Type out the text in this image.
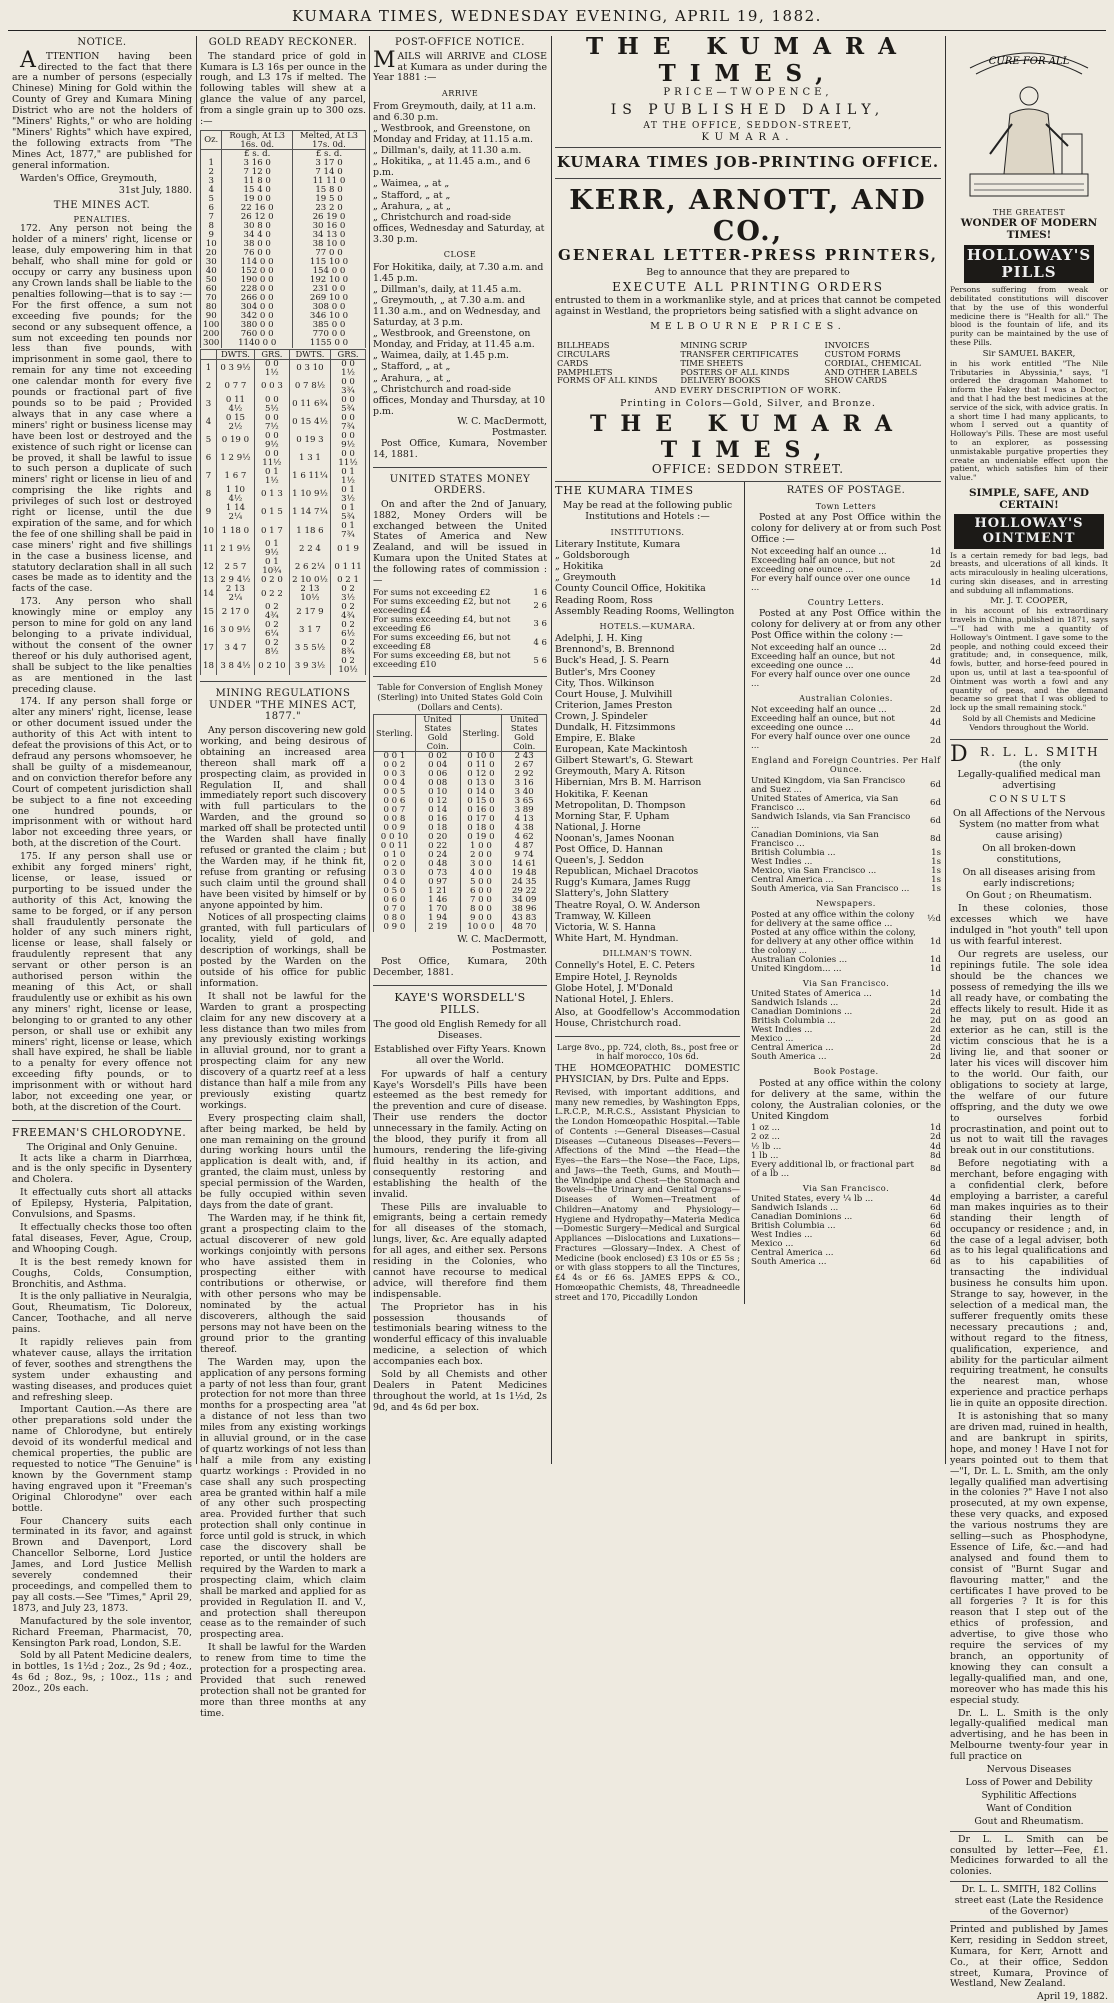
KUMARA TIMES, WEDNESDAY EVENING, APRIL 19, 1882.
NOTICE.

ATTENTION having been directed to the fact that there are a number of persons (especially Chinese) Mining for Gold within the County of Grey and Kumara Mining District who are not the holders of "Miners' Rights," or who are holding "Miners' Rights" which have expired, the following extracts from "The Mines Act, 1877," are published for general information.

Warden's Office, Greymouth,

31st July, 1880.

THE MINES ACT.
PENALTIES.

172. Any person not being the holder of a miners' right, license or lease, duly empowering him in that behalf, who shall mine for gold or occupy or carry any business upon any Crown lands shall be liable to the penalties following—that is to say :—For the first offence, a sum not exceeding five pounds; for the second or any subsequent offence, a sum not exceeding ten pounds nor less than five pounds, with imprisonment in some gaol, there to remain for any time not exceeding one calendar month for every five pounds or fractional part of five pounds so to be paid ; Provided always that in any case where a miners' right or business license may have been lost or destroyed and the existence of such right or license can be proved, it shall be lawful to issue to such person a duplicate of such miners' right or license in lieu of and comprising the like rights and privileges of such lost or destroyed right or license, until the due expiration of the same, and for which the fee of one shilling shall be paid in case miners' right and five shillings in the case a business license, and statutory declaration shall in all such cases be made as to identity and the facts of the case.

173. Any person who shall knowingly mine or employ any person to mine for gold on any land belonging to a private individual, without the consent of the owner thereof or his duly authorised agent, shall be subject to the like penalties as are mentioned in the last preceding clause.

174. If any person shall forge or alter any miners' right, license, lease or other document issued under the authority of this Act with intent to defeat the provisions of this Act, or to defraud any persons whomsoever, he shall be guilty of a misdemeanour, and on conviction therefor before any Court of competent jurisdiction shall be subject to a fine not exceeding one hundred pounds, or imprisonment with or without hard labor not exceeding three years, or both, at the discretion of the Court.

175. If any person shall use or exhibit any forged miners' right, license, or lease, issued or purporting to be issued under the authority of this Act, knowing the same to be forged, or if any person shall fraudulently personate the holder of any such miners right, license or lease, shall falsely or fraudulently represent that any servant or other person is an authorised person within the meaning of this Act, or shall fraudulently use or exhibit as his own any miners' right, license or lease, belonging to or granted to any other person, or shall use or exhibit any miners' right, license or lease, which shall have expired, he shall be liable to a penalty for every offence not exceeding fifty pounds, or to imprisonment with or without hard labor, not exceeding one year, or both, at the discretion of the Court.

FREEMAN'S CHLORODYNE.
The Original and Only Genuine.

It acts like a charm in Diarrhœa, and is the only specific in Dysentery and Cholera.

It effectually cuts short all attacks of Epilepsy, Hysteria, Palpitation, Convulsions, and Spasms.

It effectually checks those too often fatal diseases, Fever, Ague, Croup, and Whooping Cough.

It is the best remedy known for Coughs, Colds, Consumption, Bronchitis, and Asthma.

It is the only palliative in Neuralgia, Gout, Rheumatism, Tic Doloreux, Cancer, Toothache, and all nerve pains.

It rapidly relieves pain from whatever cause, allays the irritation of fever, soothes and strengthens the system under exhausting and wasting diseases, and produces quiet and refreshing sleep.

Important Caution.—As there are other preparations sold under the name of Chlorodyne, but entirely devoid of its wonderful medical and chemical properties, the public are requested to notice "The Genuine" is known by the Government stamp having engraved upon it "Freeman's Original Chlorodyne" over each bottle.

Four Chancery suits each terminated in its favor, and against Brown and Davenport, Lord Chancellor Selborne, Lord Justice James, and Lord Justice Mellish severely condemned their proceedings, and compelled them to pay all costs.—See "Times," April 29, 1873, and July 23, 1873.

Manufactured by the sole inventor, Richard Freeman, Pharmacist, 70, Kensington Park road, London, S.E.

Sold by all Patent Medicine dealers, in bottles, 1s 1½d ; 2oz., 2s 9d ; 4oz., 4s 6d ; 8oz., 9s, ; 10oz., 11s ; and 20oz., 20s each.

GOLD READY RECKONER.

The standard price of gold in Kumara is L3 16s per ounce in the rough, and L3 17s if melted. The following tables will shew at a glance the value of any parcel, from a single grain up to 300 ozs. :—

Oz.	Rough, At L3 16s. 0d.	Melted, At L3 17s. 0d.
	£ s. d.	£ s. d.
1	3 16 0	3 17 0
2	7 12 0	7 14 0
3	11 8 0	11 11 0
4	15 4 0	15 8 0
5	19 0 0	19 5 0
6	22 16 0	23 2 0
7	26 12 0	26 19 0
8	30 8 0	30 16 0
9	34 4 0	34 13 0
10	38 0 0	38 10 0
20	76 0 0	77 0 0
30	114 0 0	115 10 0
40	152 0 0	154 0 0
50	190 0 0	192 10 0
60	228 0 0	231 0 0
70	266 0 0	269 10 0
80	304 0 0	308 0 0
90	342 0 0	346 10 0
100	380 0 0	385 0 0
200	760 0 0	770 0 0
300	1140 0 0	1155 0 0
	DWTS.	GRS.	DWTS.	GRS.
1	0 3 9½	0 0 1½	0 3 10	0 0 1½
2	0 7 7	0 0 3	0 7 8½	0 0 3¾
3	0 11 4½	0 0 5½	0 11 6¾	0 0 5¾
4	0 15 2½	0 0 7½	0 15 4½	0 0 7¾
5	0 19 0	0 0 9½	0 19 3	0 0 9½
6	1 2 9½	0 0 11½	1 3 1	0 0 11½
7	1 6 7	0 1 1½	1 6 11¼	0 1 1½
8	1 10 4½	0 1 3	1 10 9½	0 1 3½
9	1 14 2¼	0 1 5	1 14 7¼	0 1 5¾
10	1 18 0	0 1 7	1 18 6	0 1 7¾
11	2 1 9½	0 1 9½	2 2 4	0 1 9
12	2 5 7	0 1 10¾	2 6 2¼	0 1 11
13	2 9 4½	0 2 0	2 10 0½	0 2 1
14	2 13 2¼	0 2 2	2 13 10½	0 2 3½
15	2 17 0	0 2 4¾	2 17 9	0 2 4¾
16	3 0 9½	0 2 6¼	3 1 7	0 2 6½
17	3 4 7	0 2 8½	3 5 5½	0 2 8¾
18	3 8 4½	0 2 10	3 9 3½	0 2 10½
MINING REGULATIONS UNDER "THE MINES ACT, 1877."

Any person discovering new gold working, and being desirous of obtaining an increased area thereon shall mark off a prospecting claim, as provided in Regulation II, and shall immediately report such discovery with full particulars to the Warden, and the ground so marked off shall be protected until the Warden shall have finally refused or granted the claim ; but the Warden may, if he think fit, refuse from granting or refusing such claim until the ground shall have been visited by himself or by anyone appointed by him.

Notices of all prospecting claims granted, with full particulars of locality, yield of gold, and description of workings, shall be posted by the Warden on the outside of his office for public information.

It shall not be lawful for the Warden to grant a prospecting claim for any new discovery at a less distance than two miles from any previously existing workings in alluvial ground, nor to grant a prospecting claim for any new discovery of a quartz reef at a less distance than half a mile from any previously existing quartz workings.

Every prospecting claim shall, after being marked, be held by one man remaining on the ground during working hours until the application is dealt with, and, if granted, the claim must, unless by special permission of the Warden, be fully occupied within seven days from the date of grant.

The Warden may, if he think fit, grant a prospecting claim to the actual discoverer of new gold workings conjointly with persons who have assisted them in prospecting either with contributions or otherwise, or with other persons who may be nominated by the actual discoverers, although the said persons may not have been on the ground prior to the granting thereof.

The Warden may, upon the application of any persons forming a party of not less than four, grant protection for not more than three months for a prospecting area "at a distance of not less than two miles from any existing workings in alluvial ground, or in the case of quartz workings of not less than half a mile from any existing quartz workings : Provided in no case shall any such prospecting area be granted within half a mile of any other such prospecting area. Provided further that such protection shall only continue in force until gold is struck, in which case the discovery shall be reported, or until the holders are required by the Warden to mark a prospecting claim, which claim shall be marked and applied for as provided in Regulation II. and V., and protection shall thereupon cease as to the remainder of such prospecting area.

It shall be lawful for the Warden to renew from time to time the protection for a prospecting area. Provided that such renewed protection shall not be granted for more than three months at any time.

POST-OFFICE NOTICE.

MAILS will ARRIVE and CLOSE at Kumara as under during the Year 1881 :—

ARRIVE
From Greymouth, daily, at 11 a.m. and 6.30 p.m.
„ Westbrook, and Greenstone, on Monday and Friday, at 11.15 a.m.
„ Dillman's, daily, at 11.30 a.m.
„ Hokitika, „ at 11.45 a.m., and 6 p.m.
„ Waimea, „ at „
„ Stafford, „ at „
„ Arahura, „ at „
„ Christchurch and road-side offices, Wednesday and Saturday, at 3.30 p.m.
CLOSE
For Hokitika, daily, at 7.30 a.m. and 1.45 p.m.
„ Dillman's, daily, at 11.45 a.m.
„ Greymouth, „ at 7.30 a.m. and 11.30 a.m., and on Wednesday, and Saturday, at 3 p.m.
„ Westbrook, and Greenstone, on Monday, and Friday, at 11.45 a.m.
„ Waimea, daily, at 1.45 p.m.
„ Stafford, „ at „
„ Arahura, „ at „
„ Christchurch and road-side offices, Monday and Thursday, at 10 p.m.
W. C. MacDermott,
Postmaster.

Post Office, Kumara, November 14, 1881.

UNITED STATES MONEY ORDERS.

On and after the 2nd of January, 1882, Money Orders will be exchanged between the United States of America and New Zealand, and will be issued in Kumara upon the United States at the following rates of commission :—

For sums not exceeding £2	1 6
For sums exceeding £2, but not exceeding £4	2 6
For sums exceeding £4, but not exceeding £6	3 6
For sums exceeding £6, but not exceeding £8	4 6
For sums exceeding £8, but not exceeding £10	5 6

Table for Conversion of English Money (Sterling) into United States Gold Coin (Dollars and Cents).

Sterling.	United States Gold Coin.	Sterling.	United States Gold Coin.
0 0 1	0 02	0 10 0	2 43
0 0 2	0 04	0 11 0	2 67
0 0 3	0 06	0 12 0	2 92
0 0 4	0 08	0 13 0	3 16
0 0 5	0 10	0 14 0	3 40
0 0 6	0 12	0 15 0	3 65
0 0 7	0 14	0 16 0	3 89
0 0 8	0 16	0 17 0	4 13
0 0 9	0 18	0 18 0	4 38
0 0 10	0 20	0 19 0	4 62
0 0 11	0 22	1 0 0	4 87
0 1 0	0 24	2 0 0	9 74
0 2 0	0 48	3 0 0	14 61
0 3 0	0 73	4 0 0	19 48
0 4 0	0 97	5 0 0	24 35
0 5 0	1 21	6 0 0	29 22
0 6 0	1 46	7 0 0	34 09
0 7 0	1 70	8 0 0	38 96
0 8 0	1 94	9 0 0	43 83
0 9 0	2 19	10 0 0	48 70
W. C. MacDermott,
Postmaster.

Post Office, Kumara, 20th December, 1881.

KAYE'S WORSDELL'S PILLS.
The good old English Remedy for all Diseases.
Established over Fifty Years. Known all over the World.

For upwards of half a century Kaye's Worsdell's Pills have been esteemed as the best remedy for the prevention and cure of disease. Their use renders the doctor unnecessary in the family. Acting on the blood, they purify it from all humours, rendering the life-giving fluid healthy in its action, and consequently restoring and establishing the health of the invalid.

These Pills are invaluable to emigrants, being a certain remedy for all diseases of the stomach, lungs, liver, &c. Are equally adapted for all ages, and either sex. Persons residing in the Colonies, who cannot have recourse to medical advice, will therefore find them indispensable.

The Proprietor has in his possession thousands of testimonials bearing witness to the wonderful efficacy of this invaluable medicine, a selection of which accompanies each box.

Sold by all Chemists and other Dealers in Patent Medicines throughout the world, at 1s 1½d, 2s 9d, and 4s 6d per box.

THE KUMARA TIMES,
PRICE—TWOPENCE,
IS PUBLISHED DAILY,
AT THE OFFICE, SEDDON-STREET,
KUMARA.
KUMARA TIMES JOB-PRINTING OFFICE.
KERR, ARNOTT, AND CO.,
GENERAL LETTER-PRESS PRINTERS,
Beg to announce that they are prepared to
EXECUTE ALL PRINTING ORDERS

entrusted to them in a workmanlike style, and at prices that cannot be competed against in Westland, the proprietors being satisfied with a slight advance on

MELBOURNE PRICES.
BILLHEADS	MINING SCRIP	INVOICES
CIRCULARS	TRANSFER CERTIFICATES	CUSTOM FORMS
CARDS	TIME SHEETS	CORDIAL, CHEMICAL
PAMPHLETS	POSTERS OF ALL KINDS	AND OTHER LABELS
FORMS OF ALL KINDS	DELIVERY BOOKS	SHOW CARDS
AND EVERY DESCRIPTION OF WORK.
Printing in Colors—Gold, Silver, and Bronze.
THE KUMARA TIMES,
OFFICE: SEDDON STREET.
THE KUMARA TIMES

May be read at the following public Institutions and Hotels :—

INSTITUTIONS.
Literary Institute, Kumara
„ Goldsborough
„ Hokitika
„ Greymouth
County Council Office, Hokitika
Reading Room, Ross
Assembly Reading Rooms, Wellington
HOTELS.—KUMARA.
Adelphi, J. H. King
Brennond's, B. Brennond
Buck's Head, J. S. Pearn
Butler's, Mrs Cooney
City, Thos. Wilkinson
Court House, J. Mulvihill
Criterion, James Preston
Crown, J. Spindeler
Dundalk, H. Fitzsimmons
Empire, E. Blake
European, Kate Mackintosh
Gilbert Stewart's, G. Stewart
Greymouth, Mary A. Ritson
Hibernian, Mrs B. M. Harrison
Hokitika, F. Keenan
Metropolitan, D. Thompson
Morning Star, F. Upham
National, J. Horne
Noonan's, James Noonan
Post Office, D. Hannan
Queen's, J. Seddon
Republican, Michael Dracotos
Rugg's Kumara, James Rugg
Slattery's, John Slattery
Theatre Royal, O. W. Anderson
Tramway, W. Killeen
Victoria, W. S. Hanna
White Hart, M. Hyndman.
DILLMAN'S TOWN.
Connelly's Hotel, E. C. Peters
Empire Hotel, J. Reynolds
Globe Hotel, J. M'Donald
National Hotel, J. Ehlers.

Also, at Goodfellow's Accommodation House, Christchurch road.

Large 8vo., pp. 724, cloth, 8s., post free or in half morocco, 10s 6d.

THE HOMŒOPATHIC DOMESTIC PHYSICIAN, by Drs. Pulte and Epps.

Revised, with important additions, and many new remedies, by Washington Epps, L.R.C.P., M.R.C.S., Assistant Physician to the London Homœopathic Hospital.—Table of Contents :—General Diseases—Casual Diseases —Cutaneous Diseases—Fevers—Affections of the Mind —the Head—the Eyes—the Ears—the Nose—the Face, Lips, and Jaws—the Teeth, Gums, and Mouth—the Windpipe and Chest—the Stomach and Bowels—the Urinary and Genital Organs—Diseases of Women—Treatment of Children—Anatomy and Physiology—Hygiene and Hydropathy—Materia Medica—Domestic Surgery—Medical and Surgical Appliances —Dislocations and Luxations—Fractures —Glossary—Index. A Chest of Medicine (book enclosed) £3 10s or £5 5s ; or with glass stoppers to all the Tinctures, £4 4s or £6 6s. JAMES EPPS & CO., Homœopathic Chemists, 48, Threadneedle street and 170, Piccadilly London

RATES OF POSTAGE.
Town Letters

Posted at any Post Office within the colony for delivery at or from such Post Office :—

Not exceeding half an ounce ...	1d
Exceeding half an ounce, but not exceeding one ounce ...	2d
For every half ounce over one ounce ...	1d
Country Letters.

Posted at any Post Office within the colony for delivery at or from any other Post Office within the colony :—

Not exceeding half an ounce ...	2d
Exceeding half an ounce, but not exceeding one ounce ...	4d
For every half ounce over one ounce ...	2d
Australian Colonies.
Not exceeding half an ounce ...	2d
Exceeding half an ounce, but not exceeding one ounce ...	4d
For every half ounce over one ounce ...	2d
England and Foreign Countries. Per Half Ounce.
United Kingdom, via San Francisco and Suez ...	6d
United States of America, via San Francisco ...	6d
Sandwich Islands, via San Francisco ...	6d
Canadian Dominions, via San Francisco ...	8d
British Columbia ...	1s
West Indies ...	1s
Mexico, via San Francisco ...	1s
Central America ...	1s
South America, via San Francisco ...	1s
Newspapers.
Posted at any office within the colony for delivery at the same office ...	½d
Posted at any office within the colony, for delivery at any other office within the colony ...	1d
Australian Colonies ...	1d
United Kingdom... ...	1d
Via San Francisco.
United States of America ...	1d
Sandwich Islands ...	2d
Canadian Dominions ...	2d
British Columbia ...	2d
West Indies ...	2d
Mexico ...	2d
Central America ...	2d
South America ...	2d
Book Postage.

Posted at any office within the colony for delivery at the same, within the colony, the Australian colonies, or the United Kingdom

1 oz ...	1d
2 oz ...	2d
½ lb ...	4d
1 lb ...	8d
Every additional lb, or fractional part of a lb ...	8d
Via San Francisco.
United States, every ¼ lb ...	4d
Sandwich Islands ...	6d
Canadian Dominions ...	6d
British Columbia ...	6d
West Indies ...	6d
Mexico ...	6d
Central America ...	6d
South America ...	6d
CURE FOR ALL
THE GREATEST
WONDER OF MODERN TIMES!
HOLLOWAY'S PILLS

Persons suffering from weak or debilitated constitutions will discover that by the use of this wonderful medicine there is "Health for all." The blood is the fountain of life, and its purity can be maintained by the use of these Pills.

Sir SAMUEL BAKER,

in his work entitled "The Nile Tributaries in Abyssinia," says, "I ordered the dragoman Mahomet to inform the Fakey that I was a Doctor, and that I had the best medicines at the service of the sick, with advice gratis. In a short time I had many applicants, to whom I served out a quantity of Holloway's Pills. These are most useful to an explorer, as possessing unmistakable purgative properties they create an undeniable effect upon the patient, which satisfies him of their value."

SIMPLE, SAFE, AND CERTAIN!
HOLLOWAY'S OINTMENT

Is a certain remedy for bad legs, bad breasts, and ulcerations of all kinds. It acts miraculously in healing ulcerations, curing skin diseases, and in arresting and subduing all inflammations.

Mr. J. T. COOPER,

in his account of his extraordinary travels in China, published in 1871, says—"I had with me a quantity of Holloway's Ointment. I gave some to the people, and nothing could exceed their gratitude; and, in consequence, milk, fowls, butter, and horse-feed poured in upon us, until at last a tea-spoonful of Ointment was worth a fowl and any quantity of peas, and the demand became so great that I was obliged to lock up the small remaining stock."

Sold by all Chemists and Medicine Vendors throughout the World.

DR. L. L. SMITH
(the only
Legally-qualified medical man advertising
CONSULTS

On all Affections of the Nervous System (no matter from what cause arising)

On all broken-down constitutions,

On all diseases arising from early indiscretions;

On Gout ; on Rheumatism.

In these colonies, those excesses which we have indulged in "hot youth" tell upon us with fearful interest.

Our regrets are useless, our repinings futile. The sole idea should be the chances we possess of remedying the ills we all ready have, or combating the effects likely to result. Hide it as he may, put on as good an exterior as he can, still is the victim conscious that he is a living lie, and that sooner or later his vices will discover him to the world. Our faith, our obligations to society at large, the welfare of our future offspring, and the duty we owe to ourselves forbid procrastination, and point out to us not to wait till the ravages break out in our constitutions.

Before negotiating with a merchant, before engaging with a confidential clerk, before employing a barrister, a careful man makes inquiries as to their standing their length of occupancy or residence ; and, in the case of a legal adviser, both as to his legal qualifications and as to his capabilities of transacting the individual business he consults him upon. Strange to say, however, in the selection of a medical man, the sufferer frequently omits these necessary precautions ; and, without regard to the fitness, qualification, experience, and ability for the particular ailment requiring treatment, he consults the nearest man, whose experience and practice perhaps lie in quite an opposite direction.

It is astonishing that so many are driven mad, ruined in health, and are bankrupt in spirits, hope, and money ! Have I not for years pointed out to them that—"I, Dr. L. L. Smith, am the only legally qualified man advertising in the colonies ?" Have I not also prosecuted, at my own expense, these very quacks, and exposed the various nostrums they are selling—such as Phosphodyne, Essence of Life, &c.—and had analysed and found them to consist of "Burnt Sugar and flavouring matter," and the certificates I have proved to be all forgeries ? It is for this reason that I step out of the ethics of profession, and advertise, to give those who require the services of my branch, an opportunity of knowing they can consult a legally-qualified man, and one, moreover who has made this his especial study.

Dr. L. L. Smith is the only legally-qualified medical man advertising, and he has been in Melbourne twenty-four year in full practice on

Nervous Diseases

Loss of Power and Debility

Syphilitic Affections

Want of Condition

Gout and Rheumatism.

Dr L. L. Smith can be consulted by letter—Fee, £1. Medicines forwarded to all the colonies.

Dr. L. L. SMITH, 182 Collins street east (Late the Residence of the Governor)

Printed and published by James Kerr, residing in Seddon street, Kumara, for Kerr, Arnott and Co., at their office, Seddon street, Kumara, Province of Westland, New Zealand.

April 19, 1882.
